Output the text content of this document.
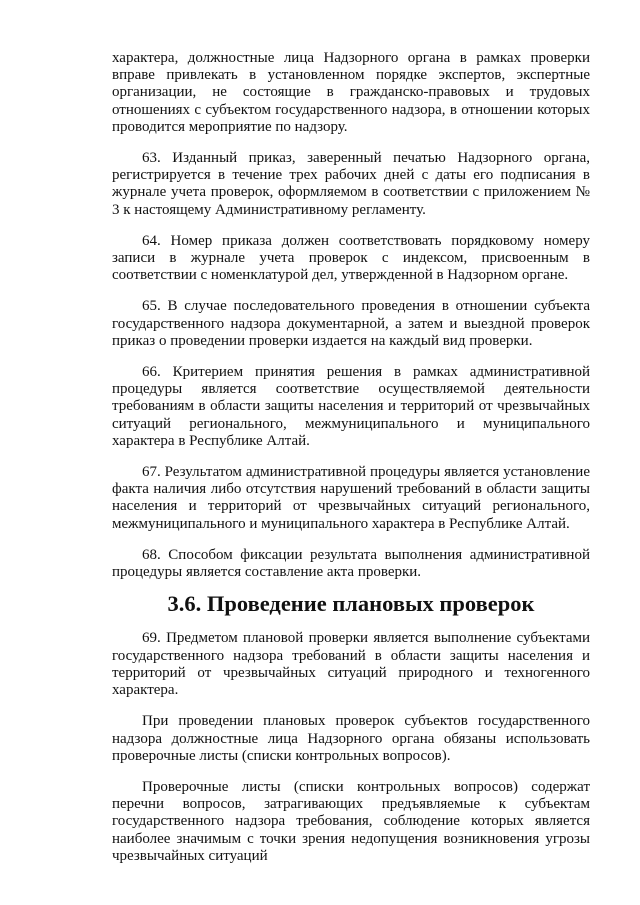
характера, должностные лица Надзорного органа в рамках проверки вправе привлекать в установленном порядке экспертов, экспертные организации, не состоящие в гражданско-правовых и трудовых отношениях с субъектом государственного надзора, в отношении которых проводится мероприятие по надзору.

63. Изданный приказ, заверенный печатью Надзорного органа, регистрируется в течение трех рабочих дней с даты его подписания в журнале учета проверок, оформляемом в соответствии с приложением № 3 к настоящему Административному регламенту.

64. Номер приказа должен соответствовать порядковому номеру записи в журнале учета проверок с индексом, присвоенным в соответствии с номенклатурой дел, утвержденной в Надзорном органе.

65. В случае последовательного проведения в отношении субъекта государственного надзора документарной, а затем и выездной проверок приказ о проведении проверки издается на каждый вид проверки.

66. Критерием принятия решения в рамках административной процедуры является соответствие осуществляемой деятельности требованиям в области защиты населения и территорий от чрезвычайных ситуаций регионального, межмуниципального и муниципального характера в Республике Алтай.

67. Результатом административной процедуры является установление факта наличия либо отсутствия нарушений требований в области защиты населения и территорий от чрезвычайных ситуаций регионального, межмуниципального и муниципального характера в Республике Алтай.

68. Способом фиксации результата выполнения административной процедуры является составление акта проверки.

3.6. Проведение плановых проверок

69. Предметом плановой проверки является выполнение субъектами государственного надзора требований в области защиты населения и территорий от чрезвычайных ситуаций природного и техногенного характера.

При проведении плановых проверок субъектов государственного надзора должностные лица Надзорного органа обязаны использовать проверочные листы (списки контрольных вопросов).

Проверочные листы (списки контрольных вопросов) содержат перечни вопросов, затрагивающих предъявляемые к субъектам государственного надзора требования, соблюдение которых является наиболее значимым с точки зрения недопущения возникновения угрозы чрезвычайных ситуаций
